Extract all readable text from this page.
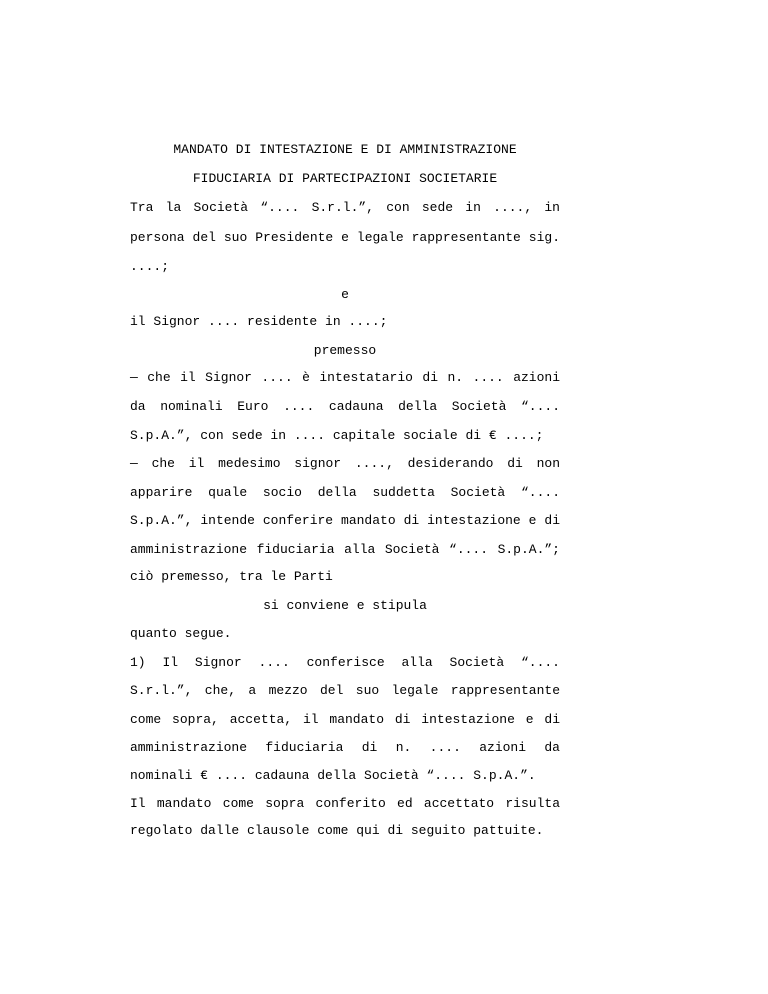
MANDATO DI INTESTAZIONE E DI AMMINISTRAZIONE
FIDUCIARIA DI PARTECIPAZIONI SOCIETARIE
Tra la Società “.... S.r.l.”, con sede in ...., in
persona del suo Presidente e legale rappresentante sig.
....;
e
il Signor .... residente in ....;
premesso
— che il Signor .... è intestatario di n. .... azioni
da nominali Euro .... cadauna della Società “....
S.p.A.”, con sede in .... capitale sociale di € ....;
— che il medesimo signor ...., desiderando di non
apparire quale socio della suddetta Società “....
S.p.A.”, intende conferire mandato di intestazione e di
amministrazione fiduciaria alla Società “.... S.p.A.”;
ciò premesso, tra le Parti
si conviene e stipula
quanto segue.
1) Il Signor .... conferisce alla Società “....
S.r.l.”, che, a mezzo del suo legale rappresentante
come sopra, accetta, il mandato di intestazione e di
amministrazione fiduciaria di n. .... azioni da
nominali € .... cadauna della Società “.... S.p.A.”.
Il mandato come sopra conferito ed accettato risulta
regolato dalle clausole come qui di seguito pattuite.
